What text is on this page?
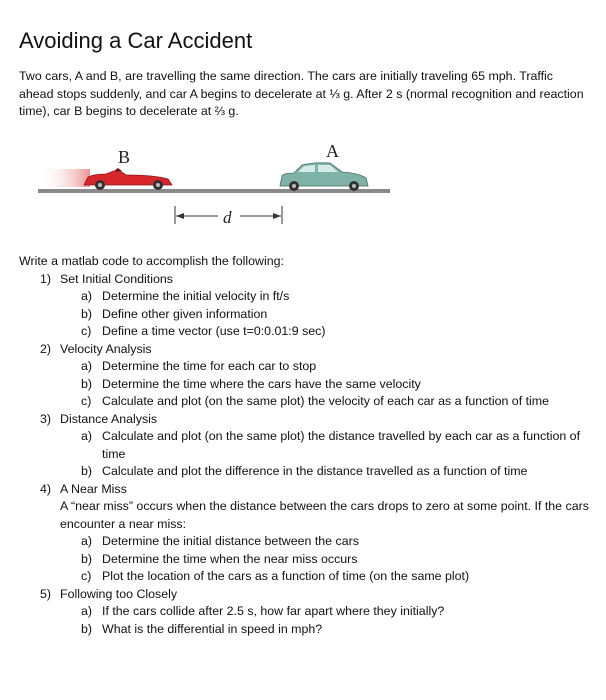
Avoiding a Car Accident

Two cars, A and B, are travelling the same direction. The cars are initially traveling 65 mph. Traffic ahead stops suddenly, and car A begins to decelerate at ⅓ g. After 2 s (normal recognition and reaction time), car B begins to decelerate at ⅔ g.

B	A
d

Write a matlab code to accomplish the following:

1) Set Initial Conditions
a) Determine the initial velocity in ft/s
b) Define other given information
c) Define a time vector (use t=0:0.01:9 sec)
2) Velocity Analysis
a) Determine the time for each car to stop
b) Determine the time where the cars have the same velocity
c) Calculate and plot (on the same plot) the velocity of each car as a function of time
3) Distance Analysis
a) Calculate and plot (on the same plot) the distance travelled by each car as a function of time
b) Calculate and plot the difference in the distance travelled as a function of time
4) A Near Miss

A “near miss” occurs when the distance between the cars drops to zero at some point. If the cars encounter a near miss:

a) Determine the initial distance between the cars
b) Determine the time when the near miss occurs
c) Plot the location of the cars as a function of time (on the same plot)
5) Following too Closely
a) If the cars collide after 2.5 s, how far apart where they initially?
b) What is the differential in speed in mph?
